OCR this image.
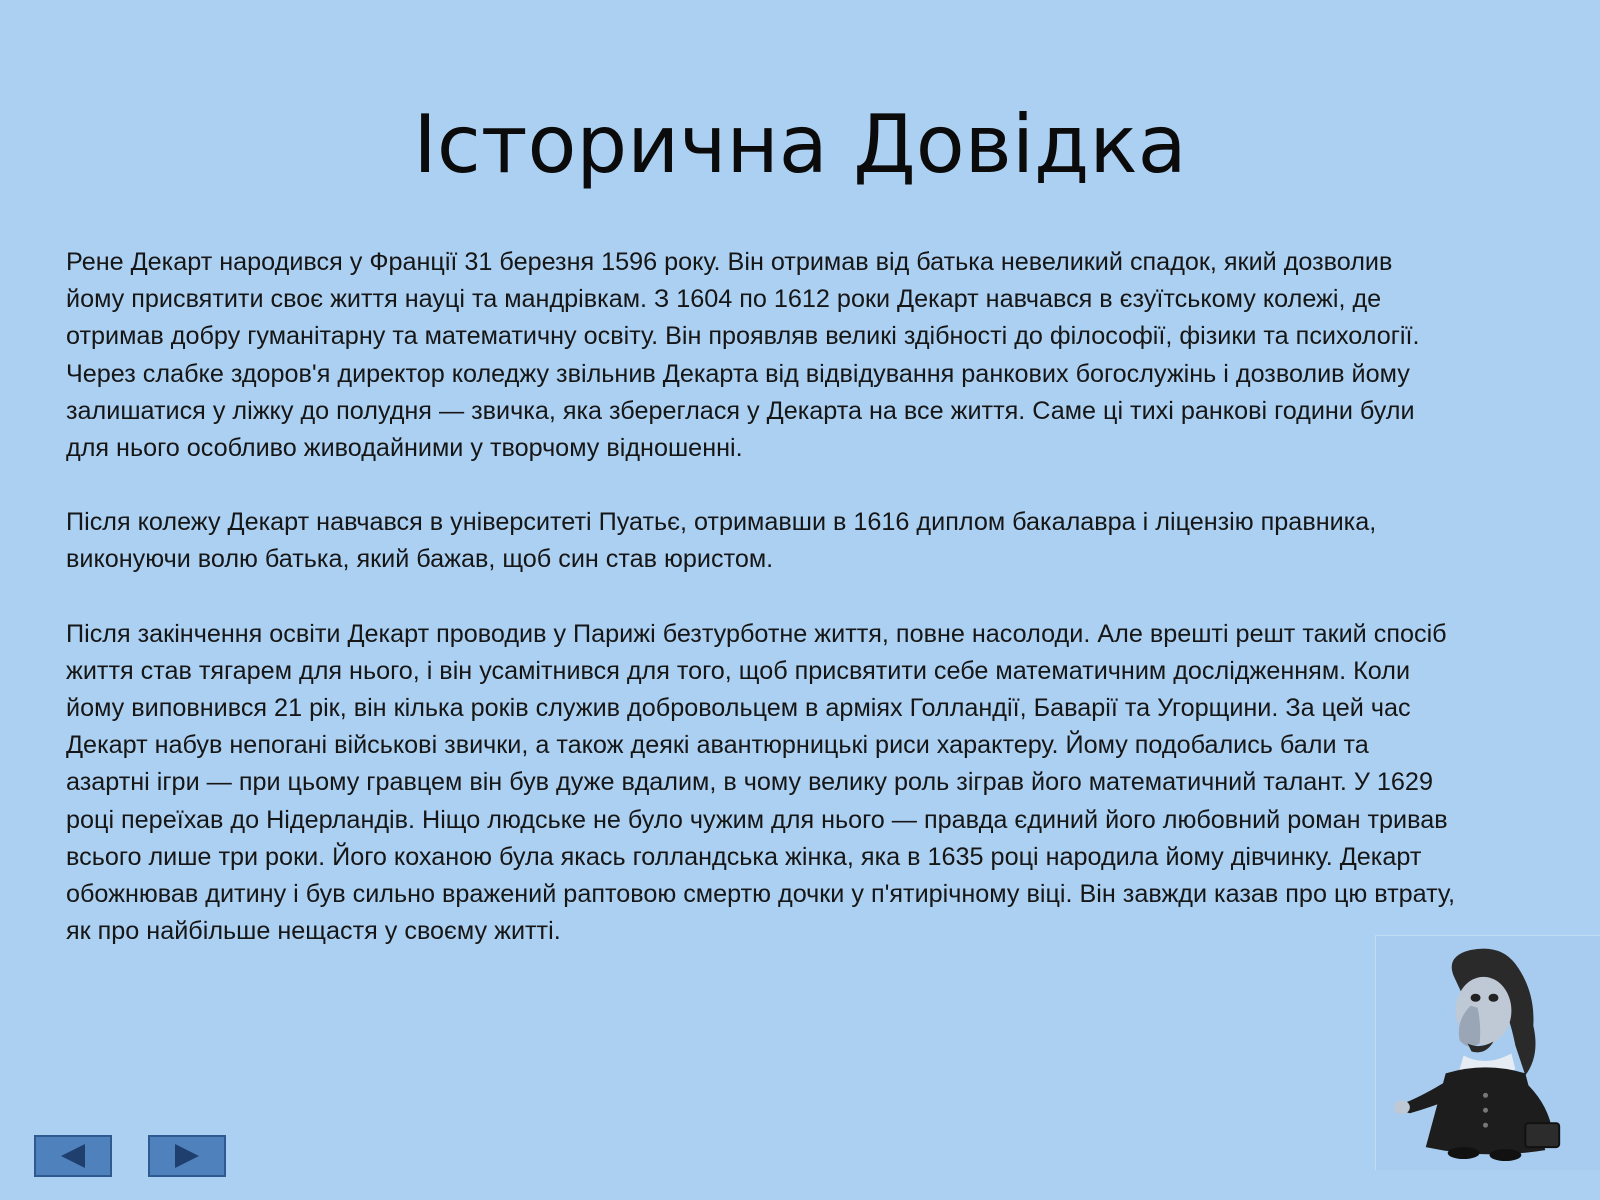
Історична Довідка

Рене Декарт народився у Франції 31 березня 1596 року. Він отримав від батька невеликий спадок, який дозволив йому присвятити своє життя науці та мандрівкам. З 1604 по 1612 роки Декарт навчався в єзуїтському колежі, де отримав добру гуманітарну та математичну освіту. Він проявляв великі здібності до філософії, фізики та психології. Через слабке здоров'я директор коледжу звільнив Декарта від відвідування ранкових богослужінь і дозволив йому залишатися у ліжку до полудня — звичка, яка збереглася у Декарта на все життя. Саме ці тихі ранкові години були для нього особливо живодайними у творчому відношенні.

Після колежу Декарт навчався в університеті Пуатьє, отримавши в 1616 диплом бакалавра і ліцензію правника, виконуючи волю батька, який бажав, щоб син став юристом.

Після закінчення освіти Декарт проводив у Парижі безтурботне життя, повне насолоди. Але врешті решт такий спосіб життя став тягарем для нього, і він усамітнився для того, щоб присвятити себе математичним дослідженням. Коли йому виповнився 21 рік, він кілька років служив добровольцем в арміях Голландії, Баварії та Угорщини. За цей час Декарт набув непогані військові звички, а також деякі авантюрницькі риси характеру. Йому подобались бали та азартні ігри — при цьому гравцем він був дуже вдалим, в чому велику роль зіграв його математичний талант. У 1629 році переїхав до Нідерландів. Ніщо людське не було чужим для нього — правда єдиний його любовний роман тривав всього лише три роки. Його коханою була якась голландська жінка, яка в 1635 році народила йому дівчинку. Декарт обожнював дитину і був сильно вражений раптовою смертю дочки у п'ятирічному віці. Він завжди казав про цю втрату, як про найбільше нещастя у своєму житті.
